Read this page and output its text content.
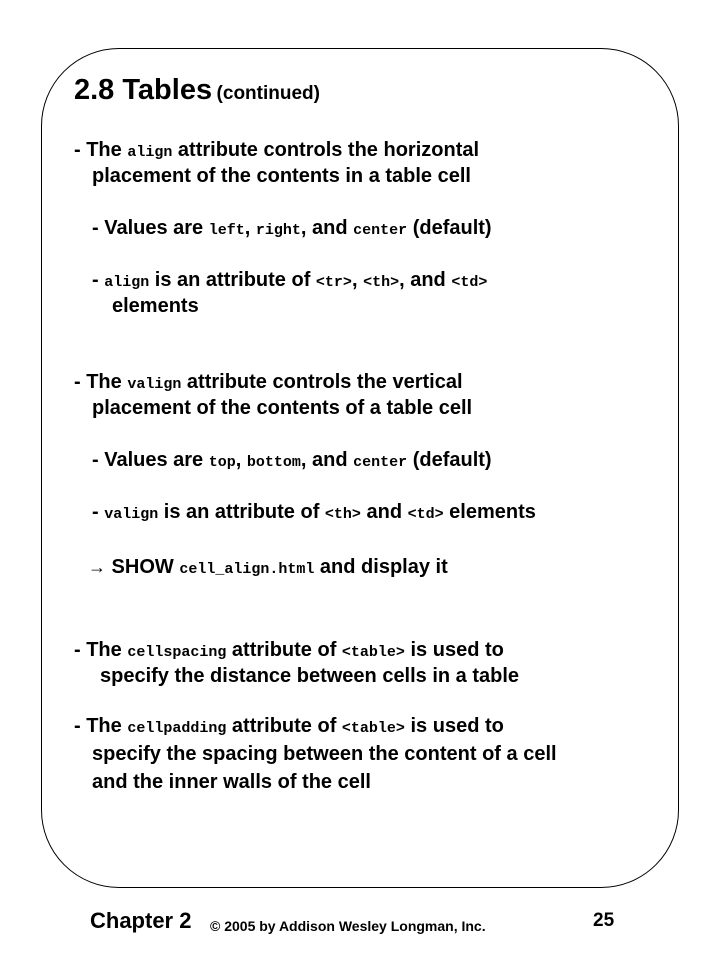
2.8 Tables (continued)
- The align attribute controls the horizontal
placement of the contents in a table cell
- Values are left, right, and center (default)
- align is an attribute of <tr>, <th>, and <td>
elements
- The valign attribute controls the vertical
placement of the contents of a table cell
- Values are top, bottom, and center (default)
- valign is an attribute of <th> and <td> elements
→ SHOW cell_align.html and display it
- The cellspacing attribute of <table> is used to
specify the distance between cells in a table
- The cellpadding attribute of <table> is used to
specify the spacing between the content of a cell
and the inner walls of the cell
Chapter 2 © 2005 by Addison Wesley Longman, Inc.	25
